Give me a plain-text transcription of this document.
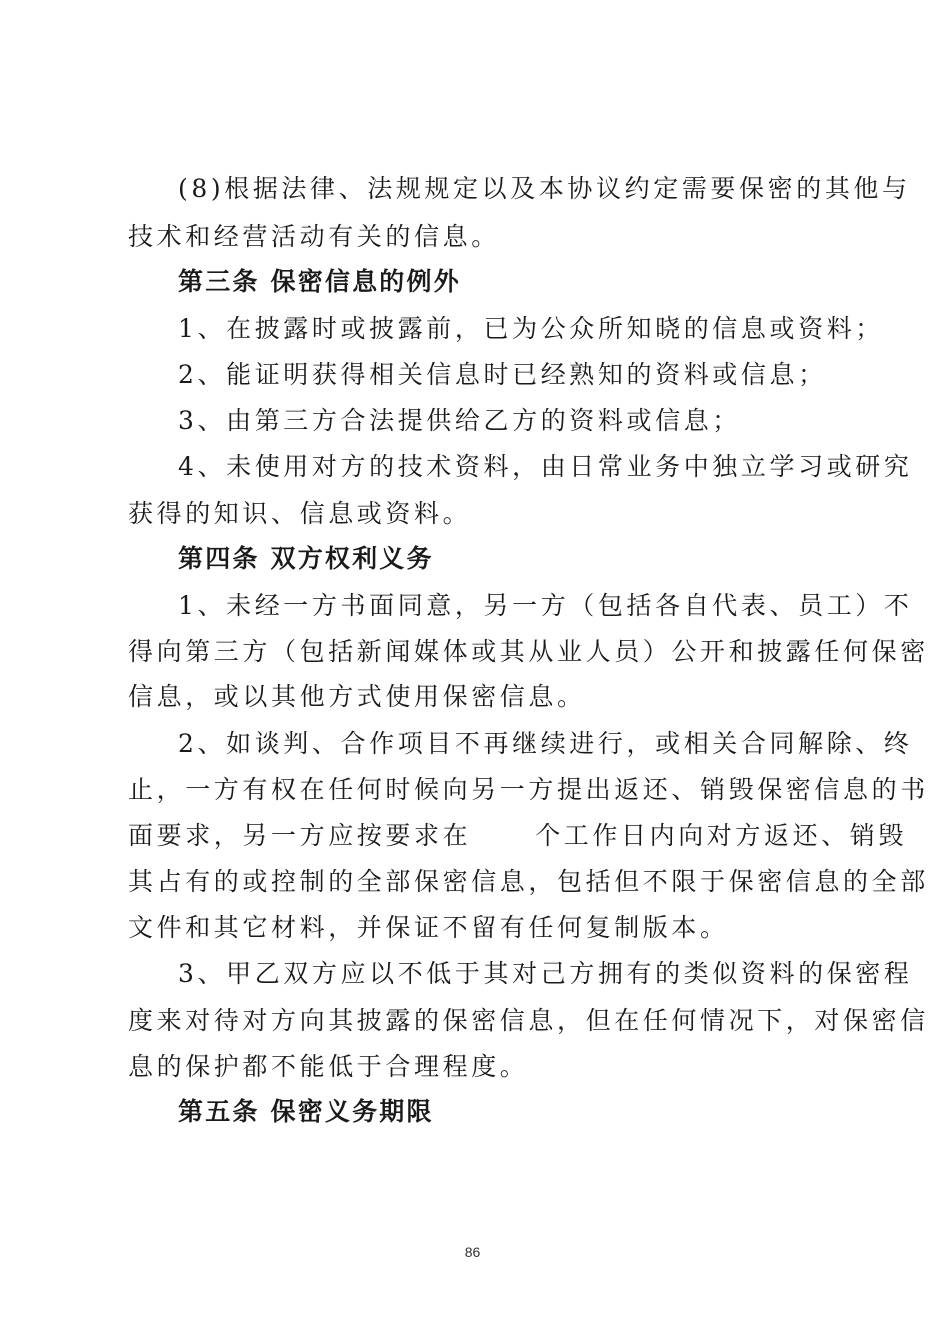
(8)根据法律、法规规定以及本协议约定需要保密的其他与
技术和经营活动有关的信息。
第三条 保密信息的例外
1、在披露时或披露前，已为公众所知晓的信息或资料；
2、能证明获得相关信息时已经熟知的资料或信息；
3、由第三方合法提供给乙方的资料或信息；
4、未使用对方的技术资料，由日常业务中独立学习或研究
获得的知识、信息或资料。
第四条 双方权利义务
1、未经一方书面同意，另一方（包括各自代表、员工）不
得向第三方（包括新闻媒体或其从业人员）公开和披露任何保密
信息，或以其他方式使用保密信息。
2、如谈判、合作项目不再继续进行，或相关合同解除、终
止，一方有权在任何时候向另一方提出返还、销毁保密信息的书
面要求，另一方应按要求在	个工作日内向对方返还、销毁
其占有的或控制的全部保密信息，包括但不限于保密信息的全部
文件和其它材料，并保证不留有任何复制版本。
3、甲乙双方应以不低于其对己方拥有的类似资料的保密程
度来对待对方向其披露的保密信息，但在任何情况下，对保密信
息的保护都不能低于合理程度。
第五条 保密义务期限
86
